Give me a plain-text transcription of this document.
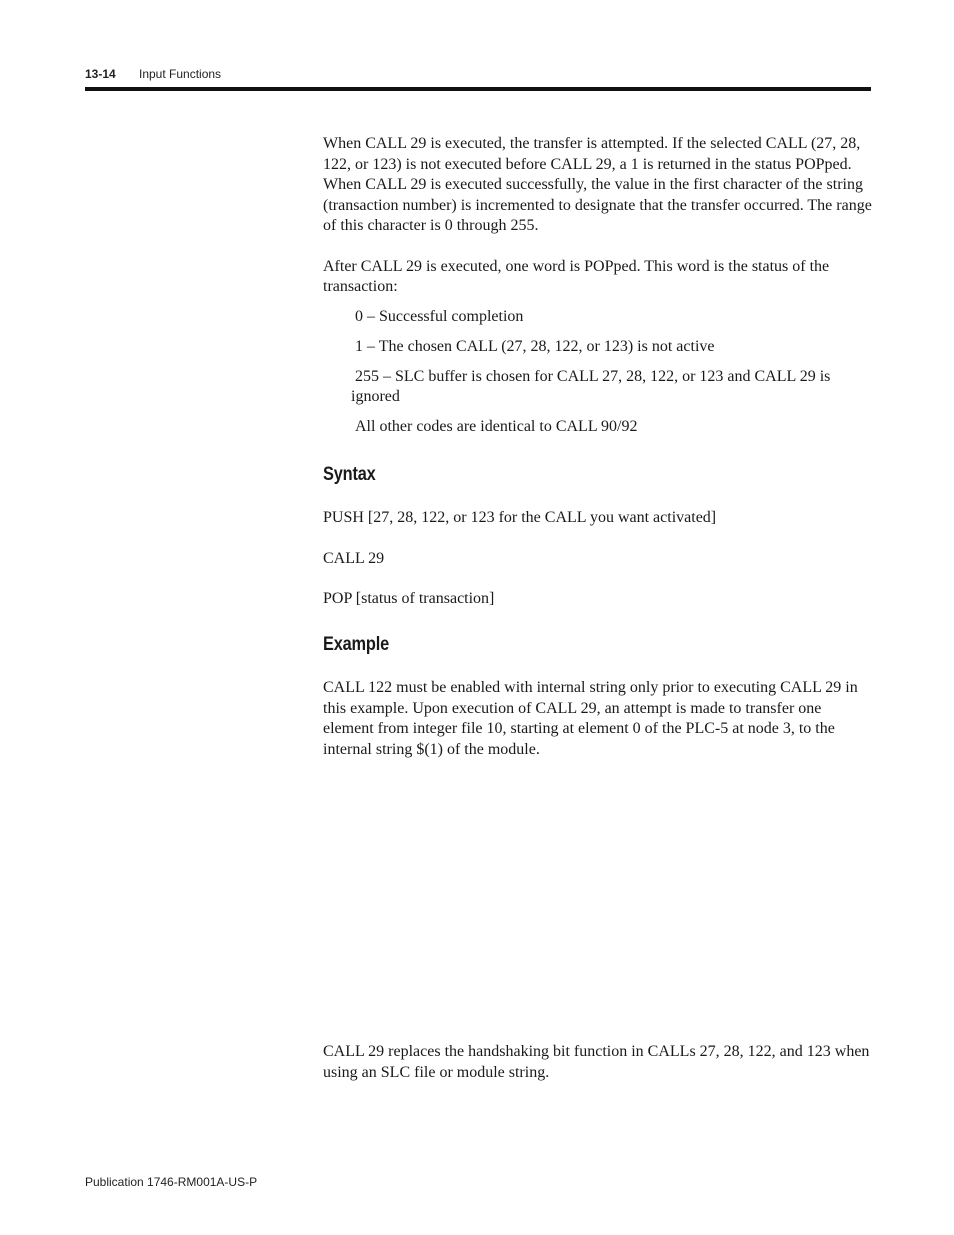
13-14 Input Functions

When CALL 29 is executed, the transfer is attempted. If the selected CALL (27, 28, 122, or 123) is not executed before CALL 29, a 1 is returned in the status POPped. When CALL 29 is executed successfully, the value in the first character of the string (transaction number) is incremented to designate that the transfer occurred. The range of this character is 0 through 255.

After CALL 29 is executed, one word is POPped. This word is the status of the transaction:

0 – Successful completion

1 – The chosen CALL (27, 28, 122, or 123) is not active

255 – SLC buffer is chosen for CALL 27, 28, 122, or 123 and CALL 29 is ignored

All other codes are identical to CALL 90/92

Syntax

PUSH [27, 28, 122, or 123 for the CALL you want activated]

CALL 29

POP [status of transaction]

Example

CALL 122 must be enabled with internal string only prior to executing CALL 29 in this example. Upon execution of CALL 29, an attempt is made to transfer one element from integer file 10, starting at element 0 of the PLC-5 at node 3, to the internal string $(1) of the module.

CALL 29 replaces the handshaking bit function in CALLs 27, 28, 122, and 123 when using an SLC file or module string.

Publication 1746-RM001A-US-P
